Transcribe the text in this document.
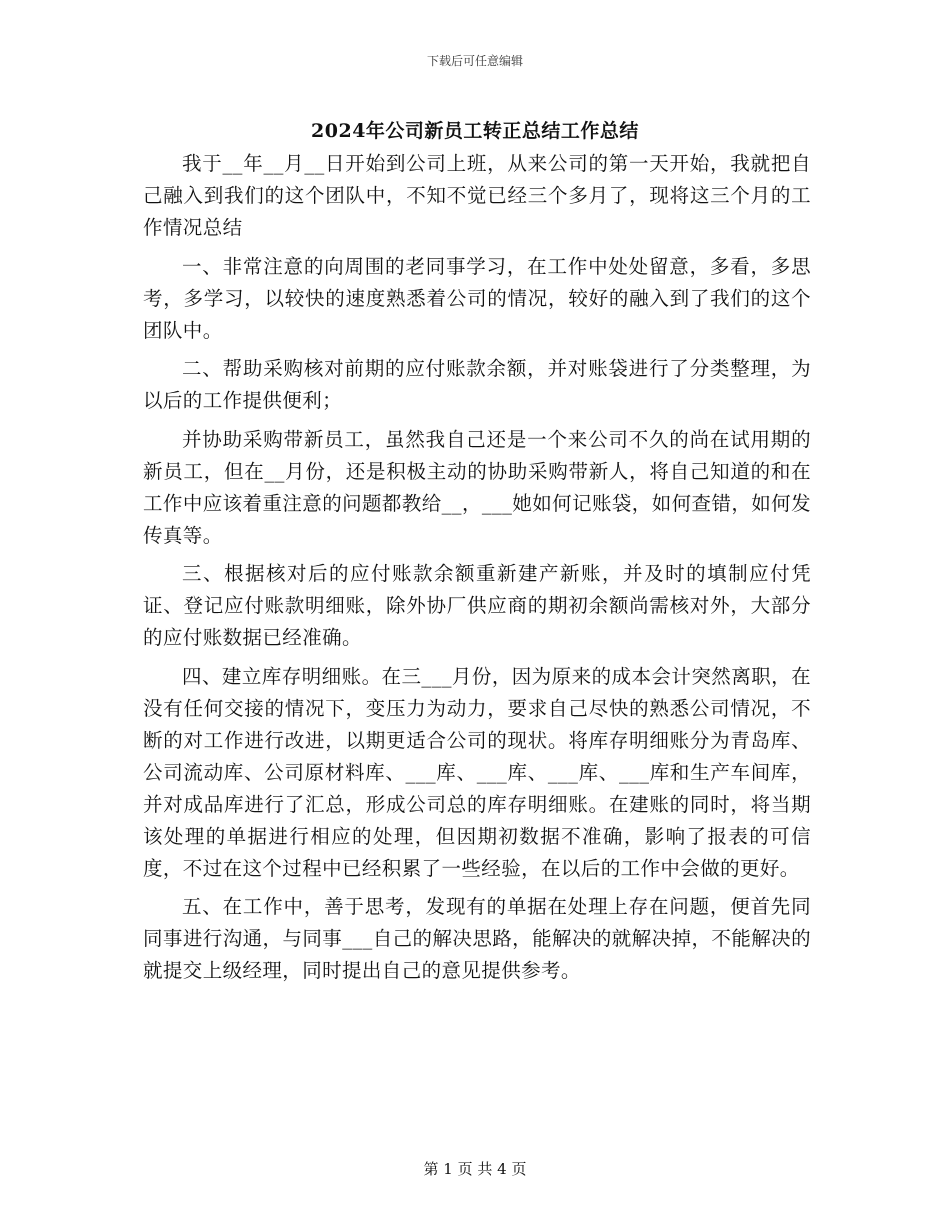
下载后可任意编辑
2024年公司新员工转正总结工作总结

我于__年__月__日开始到公司上班，从来公司的第一天开始，我就把自己融入到我们的这个团队中，不知不觉已经三个多月了，现将这三个月的工作情况总结

一、非常注意的向周围的老同事学习，在工作中处处留意，多看，多思考，多学习，以较快的速度熟悉着公司的情况，较好的融入到了我们的这个团队中。

二、帮助采购核对前期的应付账款余额，并对账袋进行了分类整理，为以后的工作提供便利；

并协助采购带新员工，虽然我自己还是一个来公司不久的尚在试用期的新员工，但在__月份，还是积极主动的协助采购带新人，将自己知道的和在工作中应该着重注意的问题都教给__，___她如何记账袋，如何查错，如何发传真等。

三、根据核对后的应付账款余额重新建产新账，并及时的填制应付凭证、登记应付账款明细账，除外协厂供应商的期初余额尚需核对外，大部分的应付账数据已经准确。

四、建立库存明细账。在三___月份，因为原来的成本会计突然离职，在没有任何交接的情况下，变压力为动力，要求自己尽快的熟悉公司情况，不断的对工作进行改进，以期更适合公司的现状。将库存明细账分为青岛库、公司流动库、公司原材料库、___库、___库、___库、___库和生产车间库，并对成品库进行了汇总，形成公司总的库存明细账。在建账的同时，将当期该处理的单据进行相应的处理，但因期初数据不准确，影响了报表的可信度，不过在这个过程中已经积累了一些经验，在以后的工作中会做的更好。

五、在工作中，善于思考，发现有的单据在处理上存在问题，便首先同同事进行沟通，与同事___自己的解决思路，能解决的就解决掉，不能解决的就提交上级经理，同时提出自己的意见提供参考。

第 1 页 共 4 页
